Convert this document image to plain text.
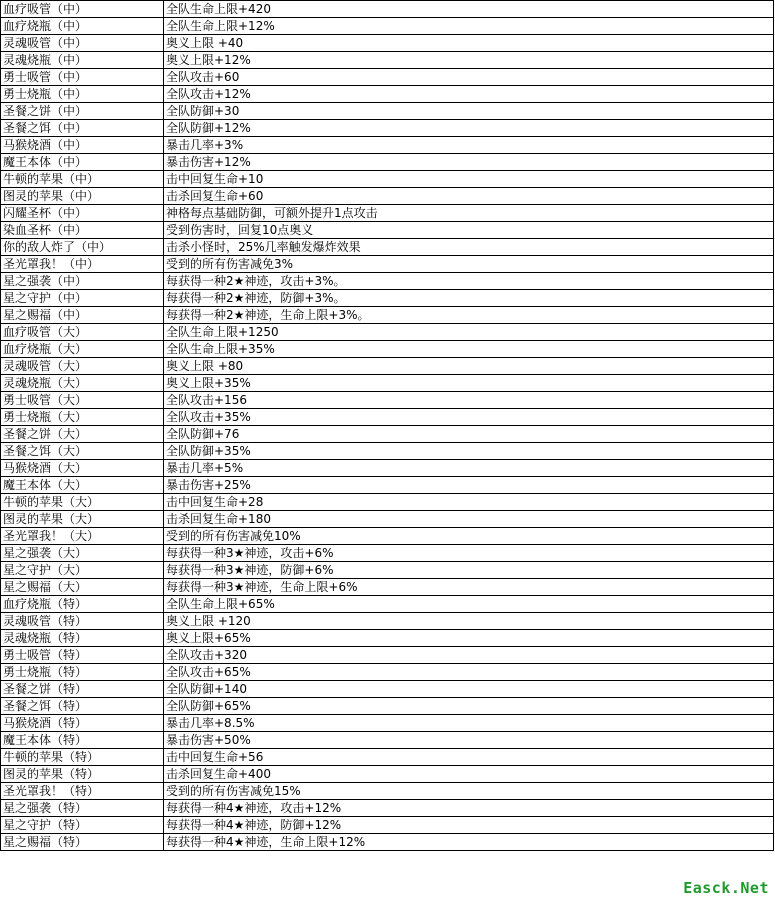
血疗吸管（中）	全队生命上限+420
血疗烧瓶（中）	全队生命上限+12%
灵魂吸管（中）	奥义上限 +40
灵魂烧瓶（中）	奥义上限+12%
勇士吸管（中）	全队攻击+60
勇士烧瓶（中）	全队攻击+12%
圣餐之饼（中）	全队防御+30
圣餐之饵（中）	全队防御+12%
马猴烧酒（中）	暴击几率+3%
魔王本体（中）	暴击伤害+12%
牛顿的苹果（中）	击中回复生命+10
图灵的苹果（中）	击杀回复生命+60
闪耀圣杯（中）	神格每点基础防御，可额外提升1点攻击
染血圣杯（中）	受到伤害时，回复10点奥义
你的敌人炸了（中）	击杀小怪时，25%几率触发爆炸效果
圣光罩我！（中）	受到的所有伤害减免3%
星之强袭（中）	每获得一种2★神迹，攻击+3%。
星之守护（中）	每获得一种2★神迹，防御+3%。
星之赐福（中）	每获得一种2★神迹，生命上限+3%。
血疗吸管（大）	全队生命上限+1250
血疗烧瓶（大）	全队生命上限+35%
灵魂吸管（大）	奥义上限 +80
灵魂烧瓶（大）	奥义上限+35%
勇士吸管（大）	全队攻击+156
勇士烧瓶（大）	全队攻击+35%
圣餐之饼（大）	全队防御+76
圣餐之饵（大）	全队防御+35%
马猴烧酒（大）	暴击几率+5%
魔王本体（大）	暴击伤害+25%
牛顿的苹果（大）	击中回复生命+28
图灵的苹果（大）	击杀回复生命+180
圣光罩我！（大）	受到的所有伤害减免10%
星之强袭（大）	每获得一种3★神迹，攻击+6%
星之守护（大）	每获得一种3★神迹，防御+6%
星之赐福（大）	每获得一种3★神迹，生命上限+6%
血疗烧瓶（特）	全队生命上限+65%
灵魂吸管（特）	奥义上限 +120
灵魂烧瓶（特）	奥义上限+65%
勇士吸管（特）	全队攻击+320
勇士烧瓶（特）	全队攻击+65%
圣餐之饼（特）	全队防御+140
圣餐之饵（特）	全队防御+65%
马猴烧酒（特）	暴击几率+8.5%
魔王本体（特）	暴击伤害+50%
牛顿的苹果（特）	击中回复生命+56
图灵的苹果（特）	击杀回复生命+400
圣光罩我！（特）	受到的所有伤害减免15%
星之强袭（特）	每获得一种4★神迹，攻击+12%
星之守护（特）	每获得一种4★神迹，防御+12%
星之赐福（特）	每获得一种4★神迹，生命上限+12%
Easck.Net
